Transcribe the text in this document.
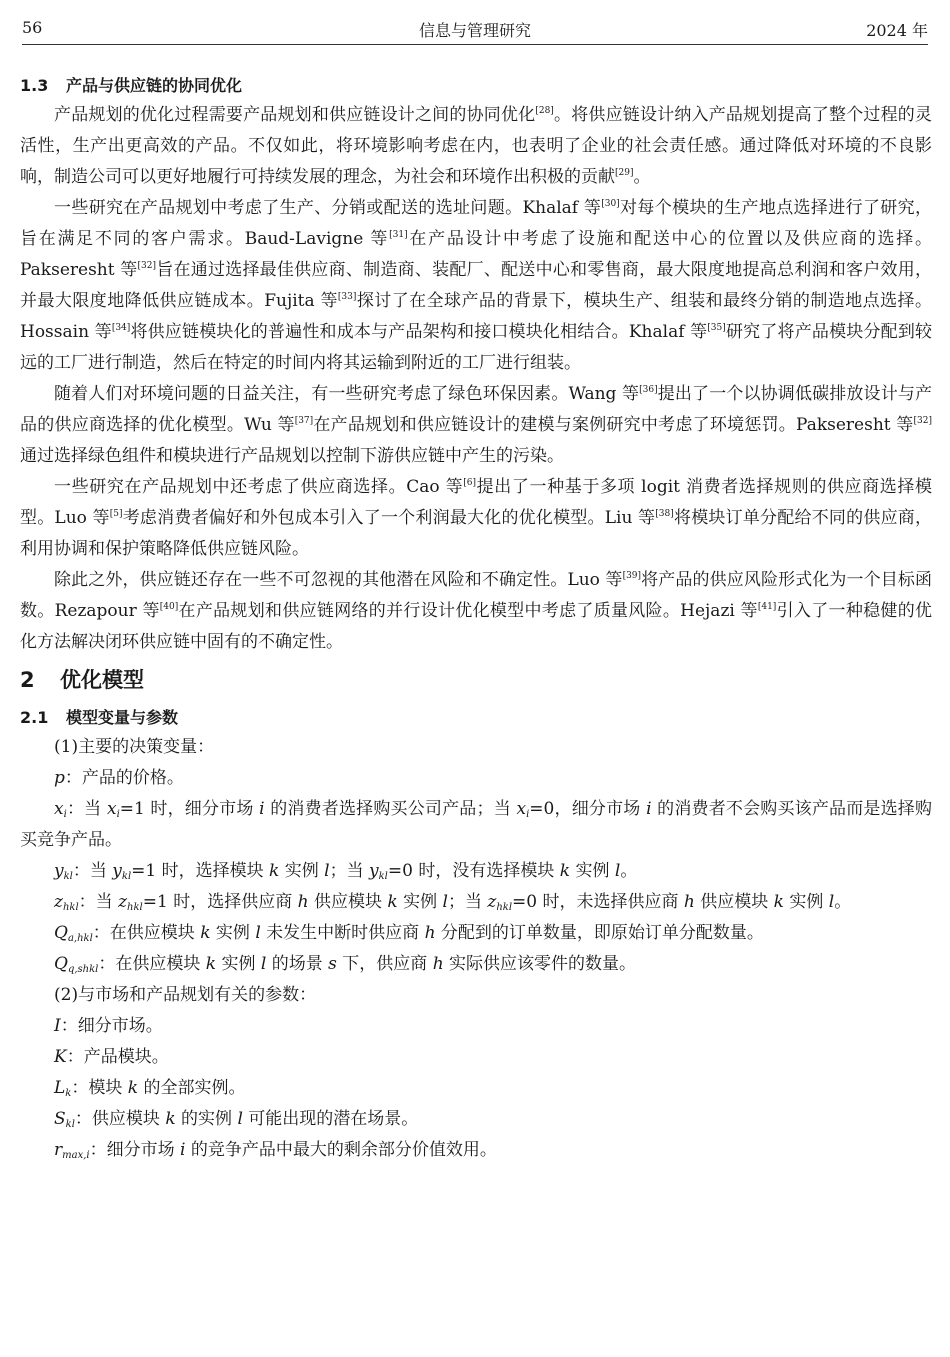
56	信息与管理研究	2024 年
1.3 产品与供应链的协同优化

产品规划的优化过程需要产品规划和供应链设计之间的协同优化[28]。将供应链设计纳入产品规划提高了整个过程的灵活性，生产出更高效的产品。不仅如此，将环境影响考虑在内，也表明了企业的社会责任感。通过降低对环境的不良影响，制造公司可以更好地履行可持续发展的理念，为社会和环境作出积极的贡献[29]。

一些研究在产品规划中考虑了生产、分销或配送的选址问题。Khalaf 等[30]对每个模块的生产地点选择进行了研究，旨在满足不同的客户需求。Baud-Lavigne 等[31]在产品设计中考虑了设施和配送中心的位置以及供应商的选择。Pakseresht 等[32]旨在通过选择最佳供应商、制造商、装配厂、配送中心和零售商，最大限度地提高总利润和客户效用，并最大限度地降低供应链成本。Fujita 等[33]探讨了在全球产品的背景下，模块生产、组装和最终分销的制造地点选择。Hossain 等[34]将供应链模块化的普遍性和成本与产品架构和接口模块化相结合。Khalaf 等[35]研究了将产品模块分配到较远的工厂进行制造，然后在特定的时间内将其运输到附近的工厂进行组装。

随着人们对环境问题的日益关注，有一些研究考虑了绿色环保因素。Wang 等[36]提出了一个以协调低碳排放设计与产品的供应商选择的优化模型。Wu 等[37]在产品规划和供应链设计的建模与案例研究中考虑了环境惩罚。Pakseresht 等[32]通过选择绿色组件和模块进行产品规划以控制下游供应链中产生的污染。

一些研究在产品规划中还考虑了供应商选择。Cao 等[6]提出了一种基于多项 logit 消费者选择规则的供应商选择模型。Luo 等[5]考虑消费者偏好和外包成本引入了一个利润最大化的优化模型。Liu 等[38]将模块订单分配给不同的供应商，利用协调和保护策略降低供应链风险。

除此之外，供应链还存在一些不可忽视的其他潜在风险和不确定性。Luo 等[39]将产品的供应风险形式化为一个目标函数。Rezapour 等[40]在产品规划和供应链网络的并行设计优化模型中考虑了质量风险。Hejazi 等[41]引入了一种稳健的优化方法解决闭环供应链中固有的不确定性。

2 优化模型
2.1 模型变量与参数

(1)主要的决策变量：

p：产品的价格。

$x_i$：当 $x_i=1$ 时，细分市场 i 的消费者选择购买公司产品；当 $x_i=0$，细分市场 i 的消费者不会购买该产品而是选择购买竞争产品。

$y_{kl}$：当 $y_{kl}=1$ 时，选择模块 k 实例 l；当 $y_{kl}=0$ 时，没有选择模块 k 实例 l。

$z_{hkl}$：当 $z_{hkl}=1$ 时，选择供应商 h 供应模块 k 实例 l；当 $z_{hkl}=0$ 时，未选择供应商 h 供应模块 k 实例 l。

$Q_{a,hkl}$：在供应模块 k 实例 l 未发生中断时供应商 h 分配到的订单数量，即原始订单分配数量。

$Q_{q,shkl}$：在供应模块 k 实例 l 的场景 s 下，供应商 h 实际供应该零件的数量。

(2)与市场和产品规划有关的参数：

I：细分市场。

K：产品模块。

$L_k$：模块 k 的全部实例。

$S_{kl}$：供应模块 k 的实例 l 可能出现的潜在场景。

$r_{max,i}$：细分市场 i 的竞争产品中最大的剩余部分价值效用。
